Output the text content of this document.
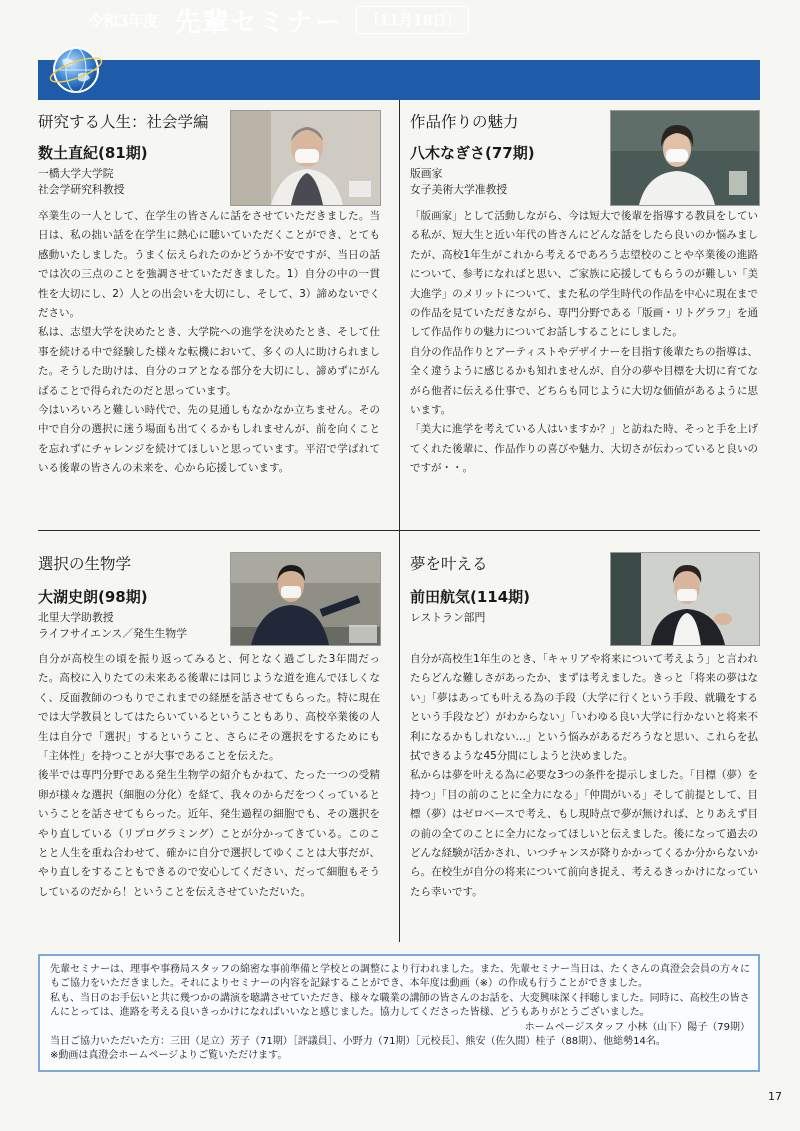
令和3年度 先輩セミナー	［11月18日］
研究する人生：社会学編
数土直紀(81期)
一橋大学大学院
社会学研究科教授

卒業生の一人として、在学生の皆さんに話をさせていただきました。当日は、私の拙い話を在学生に熱心に聴いていただくことができ、とても感動いたしました。うまく伝えられたのかどうか不安ですが、当日の話では次の三点のことを強調させていただきました。1）自分の中の一貫性を大切にし、2）人との出会いを大切にし、そして、3）諦めないでください。

私は、志望大学を決めたとき、大学院への進学を決めたとき、そして仕事を続ける中で経験した様々な転機において、多くの人に助けられました。そうした助けは、自分のコアとなる部分を大切にし、諦めずにがんばることで得られたのだと思っています。

今はいろいろと難しい時代で、先の見通しもなかなか立ちません。その中で自分の選択に迷う場面も出てくるかもしれませんが、前を向くことを忘れずにチャレンジを続けてほしいと思っています。平沼で学ばれている後輩の皆さんの未来を、心から応援しています。

作品作りの魅力
八木なぎさ(77期)
版画家
女子美術大学准教授

「版画家」として活動しながら、今は短大で後輩を指導する教員をしている私が、短大生と近い年代の皆さんにどんな話をしたら良いのか悩みましたが、高校1年生がこれから考えるであろう志望校のことや卒業後の進路について、参考になればと思い、ご家族に応援してもらうのが難しい「美大進学」のメリットについて、また私の学生時代の作品を中心に現在までの作品を見ていただきながら、専門分野である「版画・リトグラフ」を通して作品作りの魅力についてお話しすることにしました。

自分の作品作りとアーティストやデザイナーを目指す後輩たちの指導は、全く違うように感じるかも知れませんが、自分の夢や目標を大切に育てながら他者に伝える仕事で、どちらも同じように大切な価値があるように思います。

「美大に進学を考えている人はいますか？」と訪ねた時、そっと手を上げてくれた後輩に、作品作りの喜びや魅力、大切さが伝わっていると良いのですが・・。

選択の生物学
大湖史朗(98期)
北里大学助教授
ライフサイエンス／発生生物学

自分が高校生の頃を振り返ってみると、何となく過ごした3年間だった。高校に入りたての未来ある後輩には同じような道を進んでほしくなく、反面教師のつもりでこれまでの経歴を話させてもらった。特に現在では大学教員としてはたらいているということもあり、高校卒業後の人生は自分で「選択」するということ、さらにその選択をするためにも「主体性」を持つことが大事であることを伝えた。

後半では専門分野である発生生物学の紹介もかねて、たった一つの受精卵が様々な選択（細胞の分化）を経て、我々のからだをつくっているということを話させてもらった。近年、発生過程の細胞でも、その選択をやり直している（リプログラミング）ことが分かってきている。このことと人生を重ね合わせて、確かに自分で選択してゆくことは大事だが、やり直しをすることもできるので安心してください、だって細胞もそうしているのだから！ということを伝えさせていただいた。

夢を叶える
前田航気(114期)
レストラン部門

自分が高校生1年生のとき、「キャリアや将来について考えよう」と言われたらどんな難しさがあったか、まずは考えました。きっと「将来の夢はない」「夢はあっても叶える為の手段（大学に行くという手段、就職をするという手段など）がわからない」「いわゆる良い大学に行かないと将来不利になるかもしれない…」という悩みがあるだろうなと思い、これらを払拭できるような45分間にしようと決めました。

私からは夢を叶える為に必要な3つの条件を提示しました。「目標（夢）を持つ」「目の前のことに全力になる」「仲間がいる」そして前提として、目標（夢）はゼロベースで考え、もし現時点で夢が無ければ、とりあえず目の前の全てのことに全力になってほしいと伝えました。後になって過去のどんな経験が活かされ、いつチャンスが降りかかってくるか分からないから。在校生が自分の将来について前向き捉え、考えるきっかけになっていたら幸いです。

先輩セミナーは、理事や事務局スタッフの綿密な事前準備と学校との調整により行われました。また、先輩セミナー当日は、たくさんの真澄会会員の方々にもご協力をいただきました。それによりセミナーの内容を記録することができ、本年度は動画（※）の作成も行うことができました。

私も、当日のお手伝いと共に幾つかの講演を聴講させていただき、様々な職業の講師の皆さんのお話を、大変興味深く拝聴しました。同時に、高校生の皆さんにとっては、進路を考える良いきっかけになればいいなと感じました。協力してくださった皆様、どうもありがとうございました。

ホームページスタッフ 小林（山下）陽子（79期）

当日ご協力いただいた方：三田（足立）芳子（71期）［評議員］、小野力（71期）［元校長］、熊安（佐久間）桂子（88期）、他総勢14名。

※動画は真澄会ホームページよりご覧いただけます。

17
